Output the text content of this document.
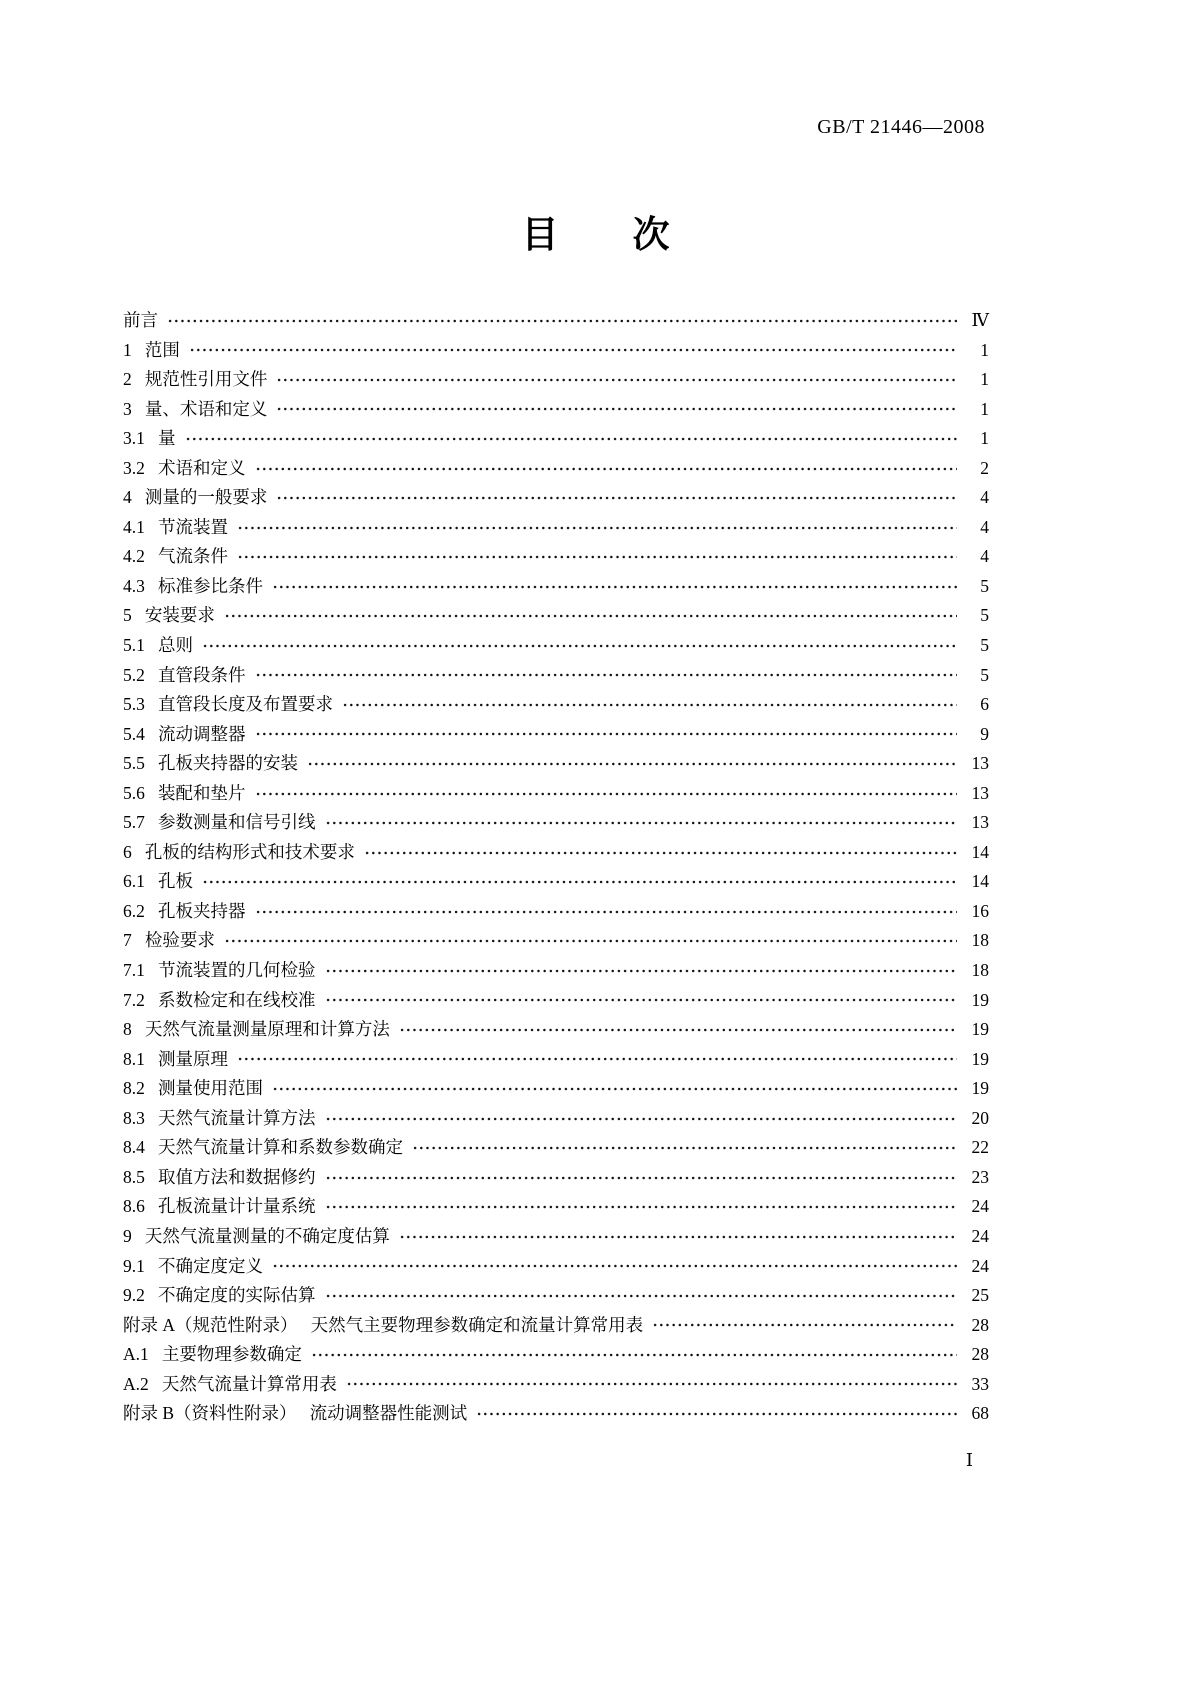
GB/T 21446—2008
目　　次
前言	Ⅳ
1   范围	1
2   规范性引用文件	1
3   量、术语和定义	1
3.1   量	1
3.2   术语和定义	2
4   测量的一般要求	4
4.1   节流装置	4
4.2   气流条件	4
4.3   标准参比条件	5
5   安装要求	5
5.1   总则	5
5.2   直管段条件	5
5.3   直管段长度及布置要求	6
5.4   流动调整器	9
5.5   孔板夹持器的安装	13
5.6   装配和垫片	13
5.7   参数测量和信号引线	13
6   孔板的结构形式和技术要求	14
6.1   孔板	14
6.2   孔板夹持器	16
7   检验要求	18
7.1   节流装置的几何检验	18
7.2   系数检定和在线校准	19
8   天然气流量测量原理和计算方法	19
8.1   测量原理	19
8.2   测量使用范围	19
8.3   天然气流量计算方法	20
8.4   天然气流量计算和系数参数确定	22
8.5   取值方法和数据修约	23
8.6   孔板流量计计量系统	24
9   天然气流量测量的不确定度估算	24
9.1   不确定度定义	24
9.2   不确定度的实际估算	25
附录 A（规范性附录）   天然气主要物理参数确定和流量计算常用表	28
A.1   主要物理参数确定	28
A.2   天然气流量计算常用表	33
附录 B（资料性附录）   流动调整器性能测试	68
Ⅰ
